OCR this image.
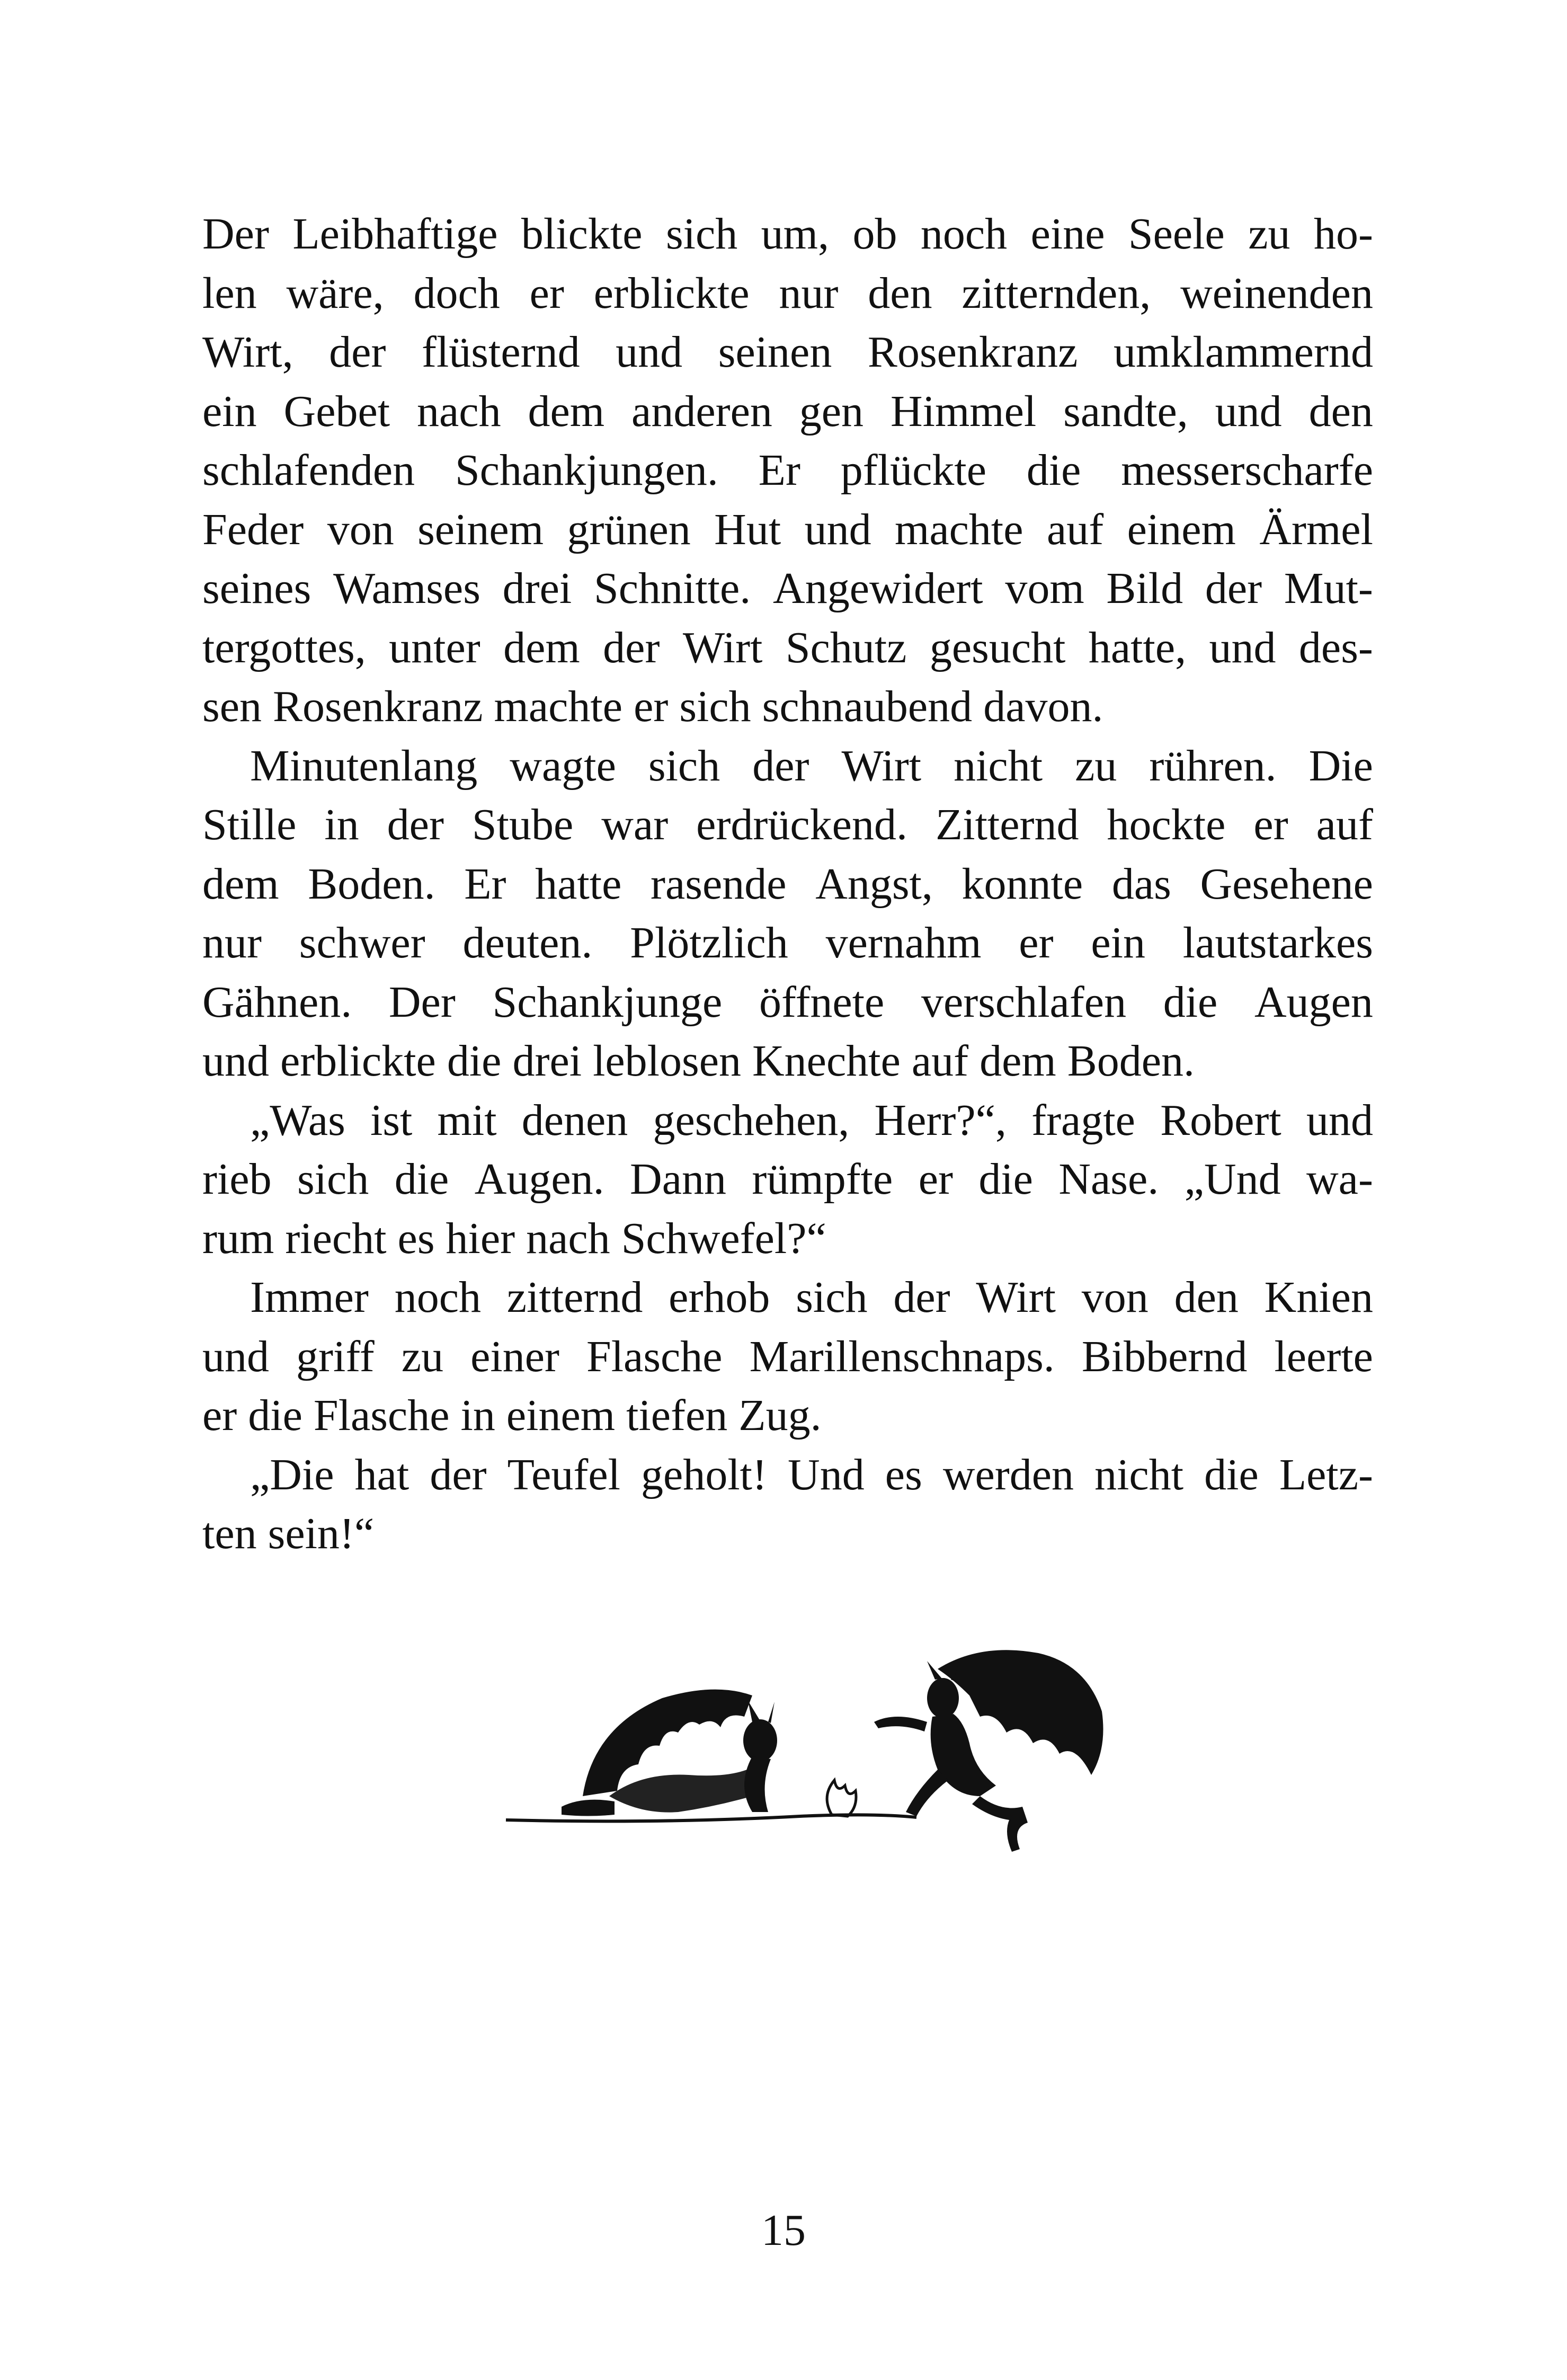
Der Leibhaftige blickte sich um, ob noch eine Seele zu ho-
len wäre, doch er erblickte nur den zitternden, weinenden
Wirt, der flüsternd und seinen Rosenkranz umklammernd
ein Gebet nach dem anderen gen Himmel sandte, und den
schlafenden Schankjungen. Er pflückte die messerscharfe
Feder von seinem grünen Hut und machte auf einem Ärmel
seines Wamses drei Schnitte. Angewidert vom Bild der Mut-
tergottes, unter dem der Wirt Schutz gesucht hatte, und des-
sen Rosenkranz machte er sich schnaubend davon.
Minutenlang wagte sich der Wirt nicht zu rühren. Die
Stille in der Stube war erdrückend. Zitternd hockte er auf
dem Boden. Er hatte rasende Angst, konnte das Gesehene
nur schwer deuten. Plötzlich vernahm er ein lautstarkes
Gähnen. Der Schankjunge öffnete verschlafen die Augen
und erblickte die drei leblosen Knechte auf dem Boden.
„Was ist mit denen geschehen, Herr?“, fragte Robert und
rieb sich die Augen. Dann rümpfte er die Nase. „Und wa-
rum riecht es hier nach Schwefel?“
Immer noch zitternd erhob sich der Wirt von den Knien
und griff zu einer Flasche Marillenschnaps. Bibbernd leerte
er die Flasche in einem tiefen Zug.
„Die hat der Teufel geholt! Und es werden nicht die Letz-
ten sein!“
15
